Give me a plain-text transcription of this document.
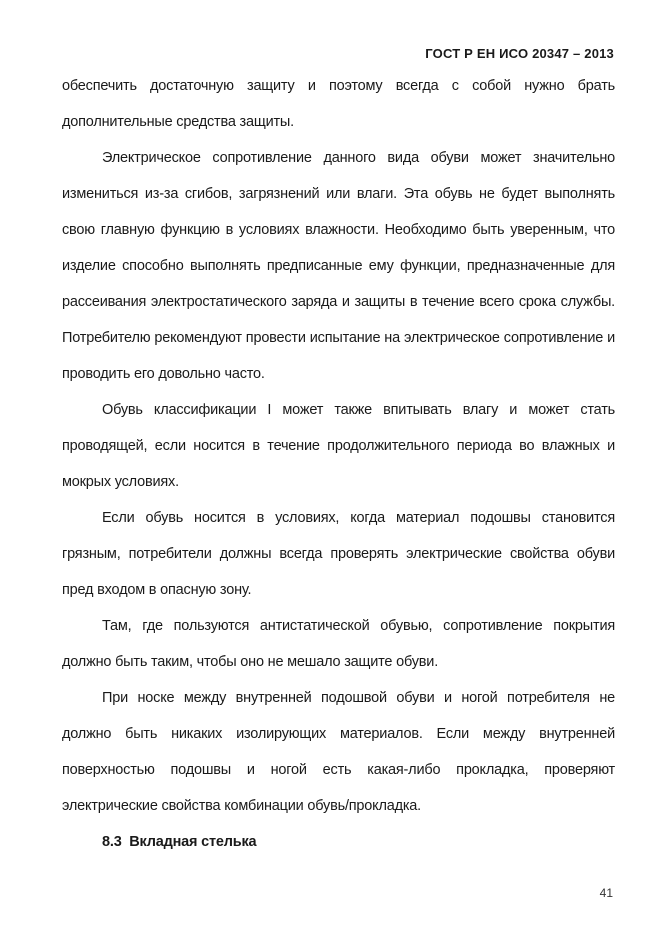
ГОСТ Р ЕН ИСО 20347 – 2013

обеспечить достаточную защиту и поэтому всегда с собой нужно брать дополнительные средства защиты.

Электрическое сопротивление данного вида обуви может значительно измениться из-за сгибов, загрязнений или влаги. Эта обувь не будет выполнять свою главную функцию в условиях влажности. Необходимо быть уверенным, что изделие способно выполнять предписанные ему функции, предназначенные для рассеивания электростатического заряда и защиты в течение всего срока службы. Потребителю рекомендуют провести испытание на электрическое сопротивление и проводить его довольно часто.

Обувь классификации I может также впитывать влагу и может стать проводящей, если носится в течение продолжительного периода во влажных и мокрых условиях.

Если обувь носится в условиях, когда материал подошвы становится грязным, потребители должны всегда проверять электрические свойства обуви пред входом в опасную зону.

Там, где пользуются антистатической обувью, сопротивление покрытия должно быть таким, чтобы оно не мешало защите обуви.

При носке между внутренней подошвой обуви и ногой потребителя не должно быть никаких изолирующих материалов. Если между внутренней поверхностью подошвы и ногой есть какая-либо прокладка, проверяют электрические свойства комбинации обувь/прокладка.

8.3 Вкладная стелька

41
